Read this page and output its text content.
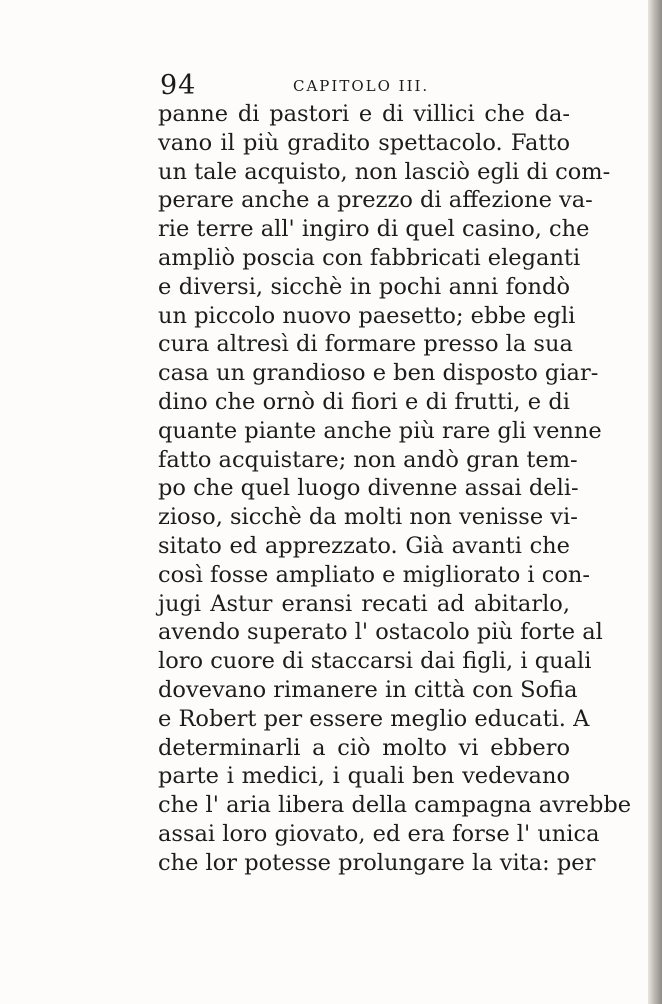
94	CAPITOLO III.
panne di pastori e di villici che da-
vano il più gradito spettacolo. Fatto
un tale acquisto, non lasciò egli di com-
perare anche a prezzo di affezione va-
rie terre all' ingiro di quel casino, che
ampliò poscia con fabbricati eleganti
e diversi, sicchè in pochi anni fondò
un piccolo nuovo paesetto; ebbe egli
cura altresì di formare presso la sua
casa un grandioso e ben disposto giar-
dino che ornò di fiori e di frutti, e di
quante piante anche più rare gli venne
fatto acquistare; non andò gran tem-
po che quel luogo divenne assai deli-
zioso, sicchè da molti non venisse vi-
sitato ed apprezzato. Già avanti che
così fosse ampliato e migliorato i con-
jugi Astur eransi recati ad abitarlo,
avendo superato l' ostacolo più forte al
loro cuore di staccarsi dai figli, i quali
dovevano rimanere in città con Sofia
e Robert per essere meglio educati. A
determinarli a ciò molto vi ebbero
parte i medici, i quali ben vedevano
che l' aria libera della campagna avrebbe
assai loro giovato, ed era forse l' unica
che lor potesse prolungare la vita: per
